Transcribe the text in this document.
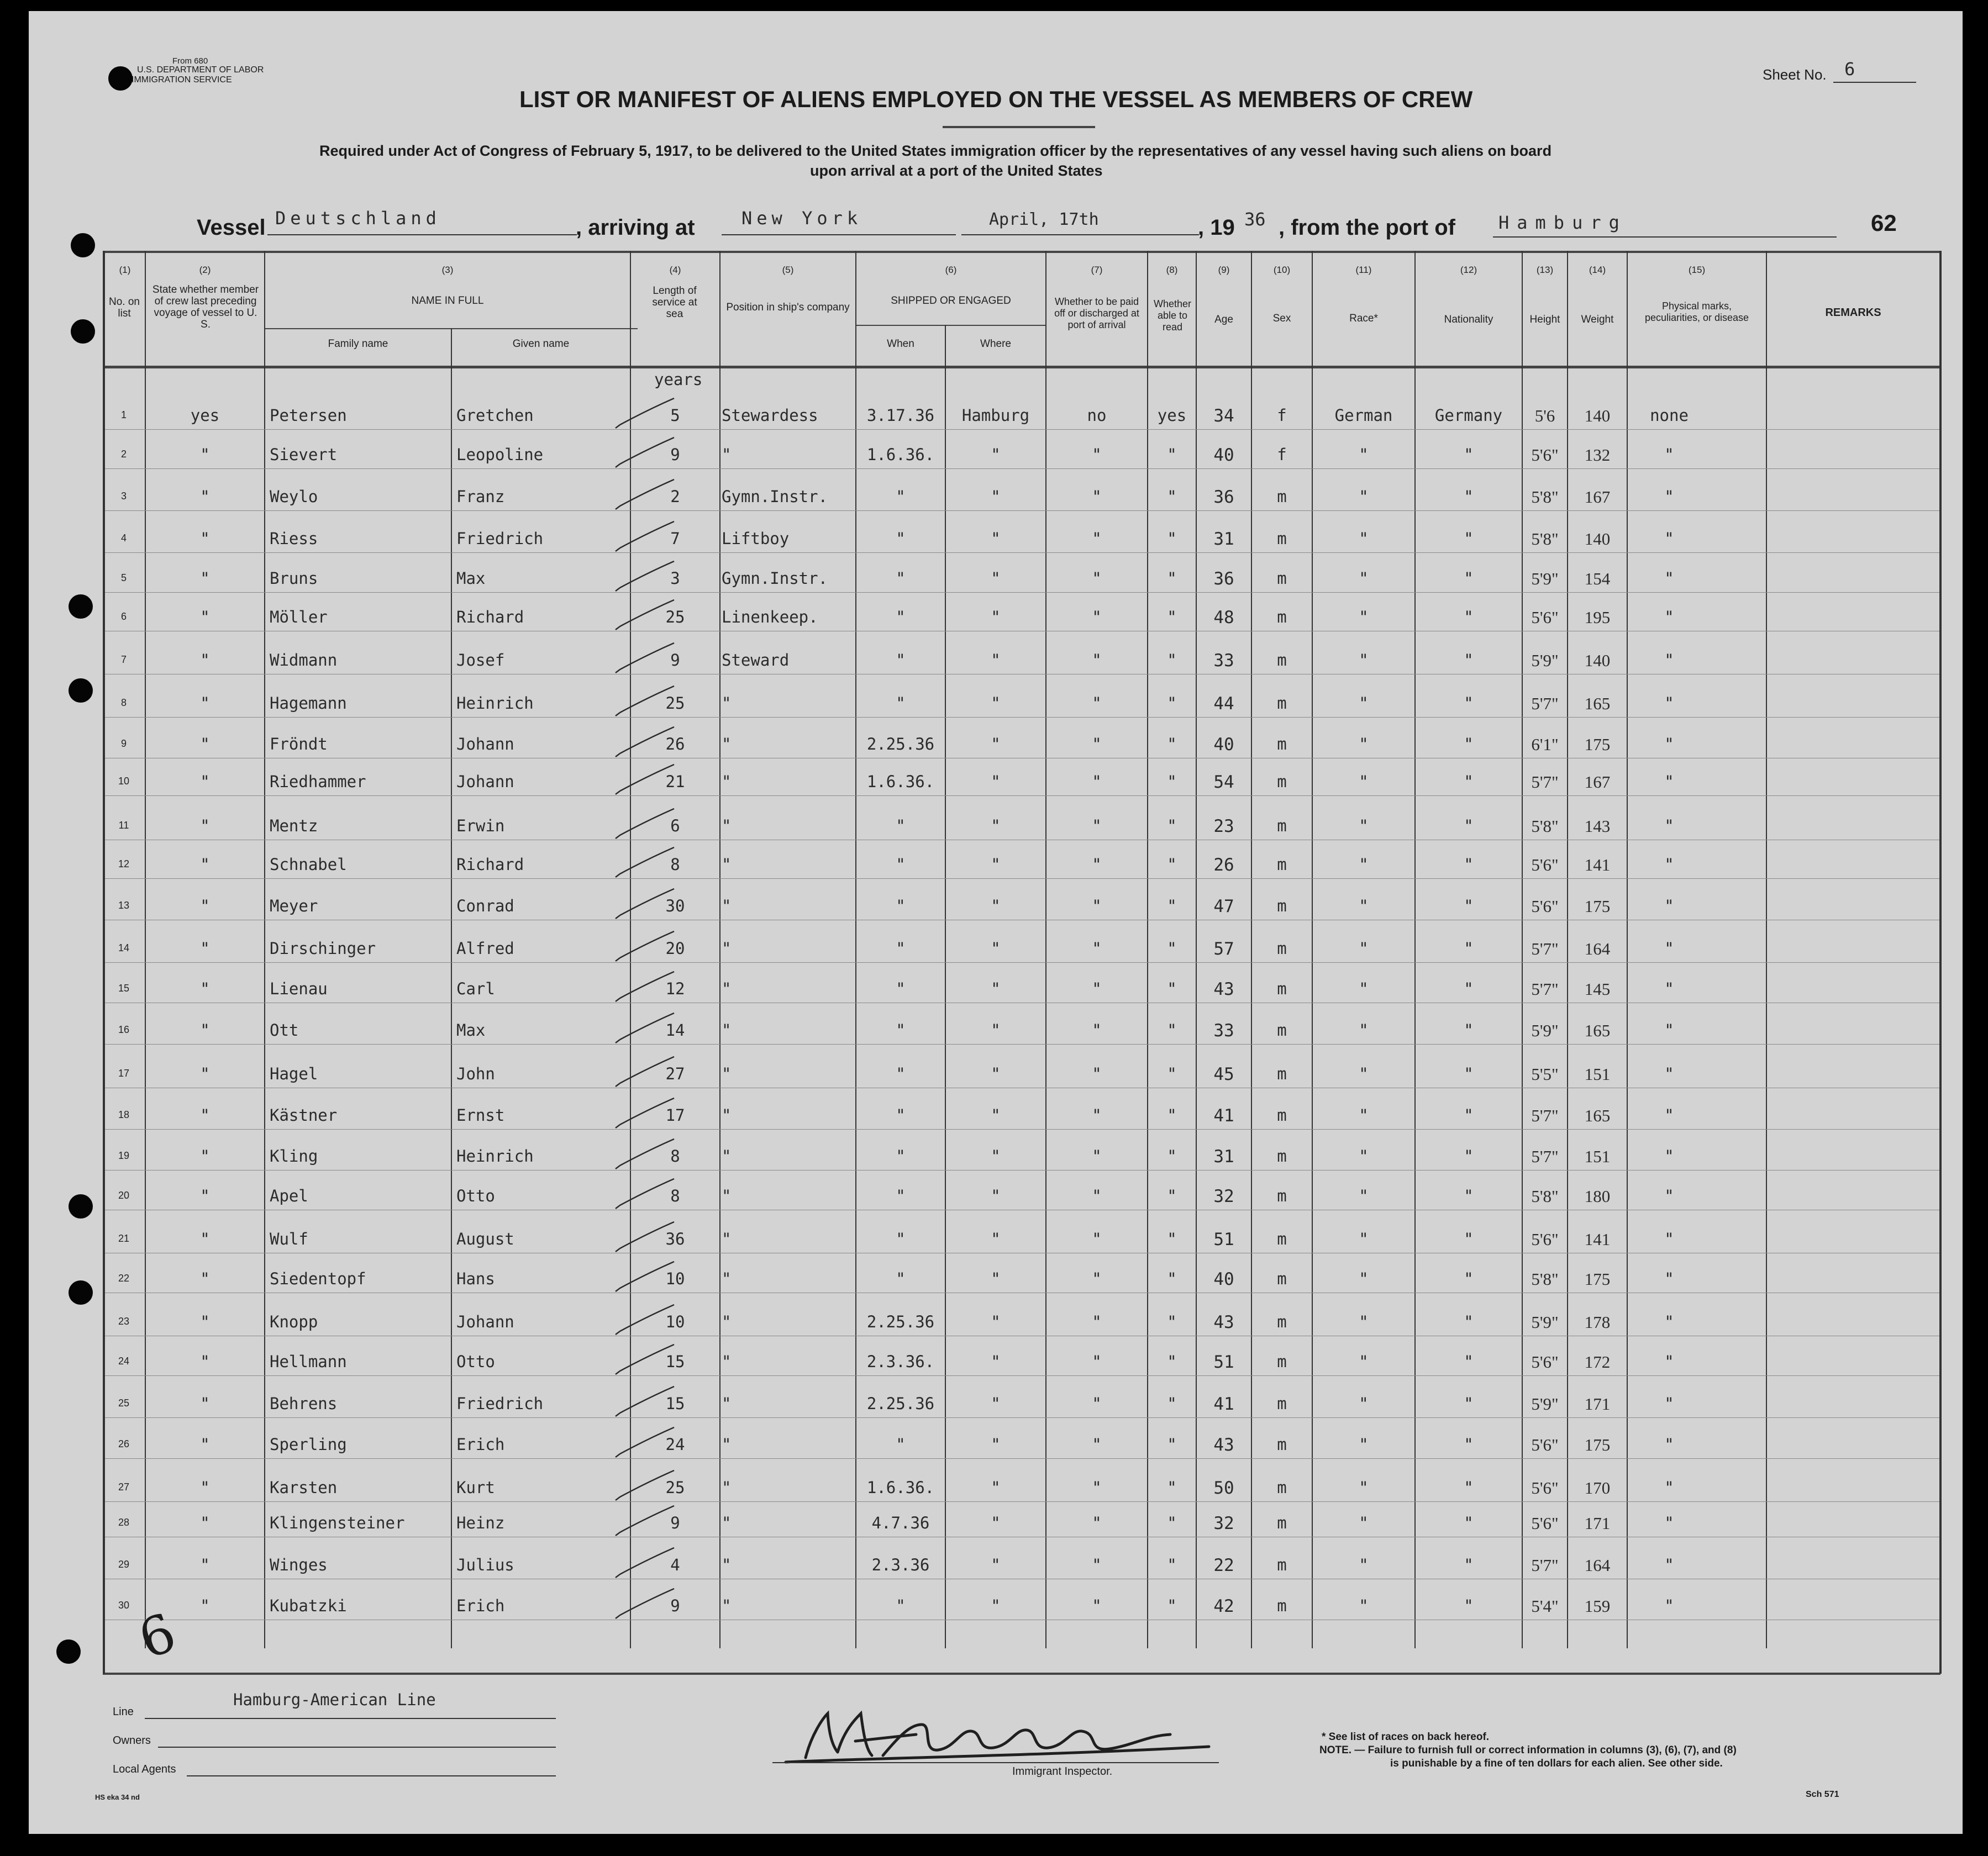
From 680
U.S. DEPARTMENT OF LABOR
IMMIGRATION SERVICE	Sheet No. 6
LIST OR MANIFEST OF ALIENS EMPLOYED ON THE VESSEL AS MEMBERS OF CREW
Required under Act of Congress of February 5, 1917, to be delivered to the United States immigration officer by the representatives of any vessel having such aliens on board
upon arrival at a port of the United States
Vessel Deutschland	, arriving at	New York	April, 17th	, 19 36 , from the port of Hamburg	62
(1)
No. on list
(2)
State whether member of crew last preceding voyage of vessel to U. S.
(3)
NAME IN FULL
Family name	Given name
(4)
Length of service at sea
(5)
Position in ship's company
(6)
SHIPPED OR ENGAGED
When	Where
(7)
Whether to be paid off or discharged at port of arrival
(8)
Whether able to read
(9)
Age
(10)
Sex
(11)
Race*
(12)
Nationality
(13)
Height
(14)
Weight
(15)
Physical marks, peculiarities, or disease	REMARKS
years
1	yes	Petersen	Gretchen	5	Stewardess	3.17.36	Hamburg	no	yes	34	f	German	Germany	5'6	140	none
2	"	Sievert	Leopoline	9	"	1.6.36.	"	"	"	40	f	"	"	5'6"	132	"
3	"	Weylo	Franz	2	Gymn.Instr.	"	"	"	"	36	m	"	"	5'8"	167	"
4	"	Riess	Friedrich	7	Liftboy	"	"	"	"	31	m	"	"	5'8"	140	"
5	"	Bruns	Max	3	Gymn.Instr.	"	"	"	"	36	m	"	"	5'9"	154	"
6	"	Möller	Richard	25	Linenkeep.	"	"	"	"	48	m	"	"	5'6"	195	"
7	"	Widmann	Josef	9	Steward	"	"	"	"	33	m	"	"	5'9"	140	"
8	"	Hagemann	Heinrich	25	"	"	"	"	"	44	m	"	"	5'7"	165	"
9	"	Fröndt	Johann	26	"	2.25.36	"	"	"	40	m	"	"	6'1"	175	"
10	"	Riedhammer	Johann	21	"	1.6.36.	"	"	"	54	m	"	"	5'7"	167	"
11	"	Mentz	Erwin	6	"	"	"	"	"	23	m	"	"	5'8"	143	"
12	"	Schnabel	Richard	8	"	"	"	"	"	26	m	"	"	5'6"	141	"
13	"	Meyer	Conrad	30	"	"	"	"	"	47	m	"	"	5'6"	175	"
14	"	Dirschinger	Alfred	20	"	"	"	"	"	57	m	"	"	5'7"	164	"
15	"	Lienau	Carl	12	"	"	"	"	"	43	m	"	"	5'7"	145	"
16	"	Ott	Max	14	"	"	"	"	"	33	m	"	"	5'9"	165	"
17	"	Hagel	John	27	"	"	"	"	"	45	m	"	"	5'5"	151	"
18	"	Kästner	Ernst	17	"	"	"	"	"	41	m	"	"	5'7"	165	"
19	"	Kling	Heinrich	8	"	"	"	"	"	31	m	"	"	5'7"	151	"
20	"	Apel	Otto	8	"	"	"	"	"	32	m	"	"	5'8"	180	"
21	"	Wulf	August	36	"	"	"	"	"	51	m	"	"	5'6"	141	"
22	"	Siedentopf	Hans	10	"	"	"	"	"	40	m	"	"	5'8"	175	"
23	"	Knopp	Johann	10	"	2.25.36	"	"	"	43	m	"	"	5'9"	178	"
24	"	Hellmann	Otto	15	"	2.3.36.	"	"	"	51	m	"	"	5'6"	172	"
25	"	Behrens	Friedrich	15	"	2.25.36	"	"	"	41	m	"	"	5'9"	171	"
26	"	Sperling	Erich	24	"	"	"	"	"	43	m	"	"	5'6"	175	"
27	"	Karsten	Kurt	25	"	1.6.36.	"	"	"	50	m	"	"	5'6"	170	"
28	"	Klingensteiner	Heinz	9	"	4.7.36	"	"	"	32	m	"	"	5'6"	171	"
29	"	Winges	Julius	4	"	2.3.36	"	"	"	22	m	"	"	5'7"	164	"
30	"	Kubatzki	Erich	9	"	"	"	"	"	42	m	"	"	5'4"	159	"
6
Line
Hamburg-American Line
Owners
Local Agents	Immigrant Inspector.
* See list of races on back hereof.
NOTE. — Failure to furnish full or correct information in columns (3), (6), (7), and (8)
is punishable by a fine of ten dollars for each alien. See other side.
HS eka 34 nd	Sch 571
